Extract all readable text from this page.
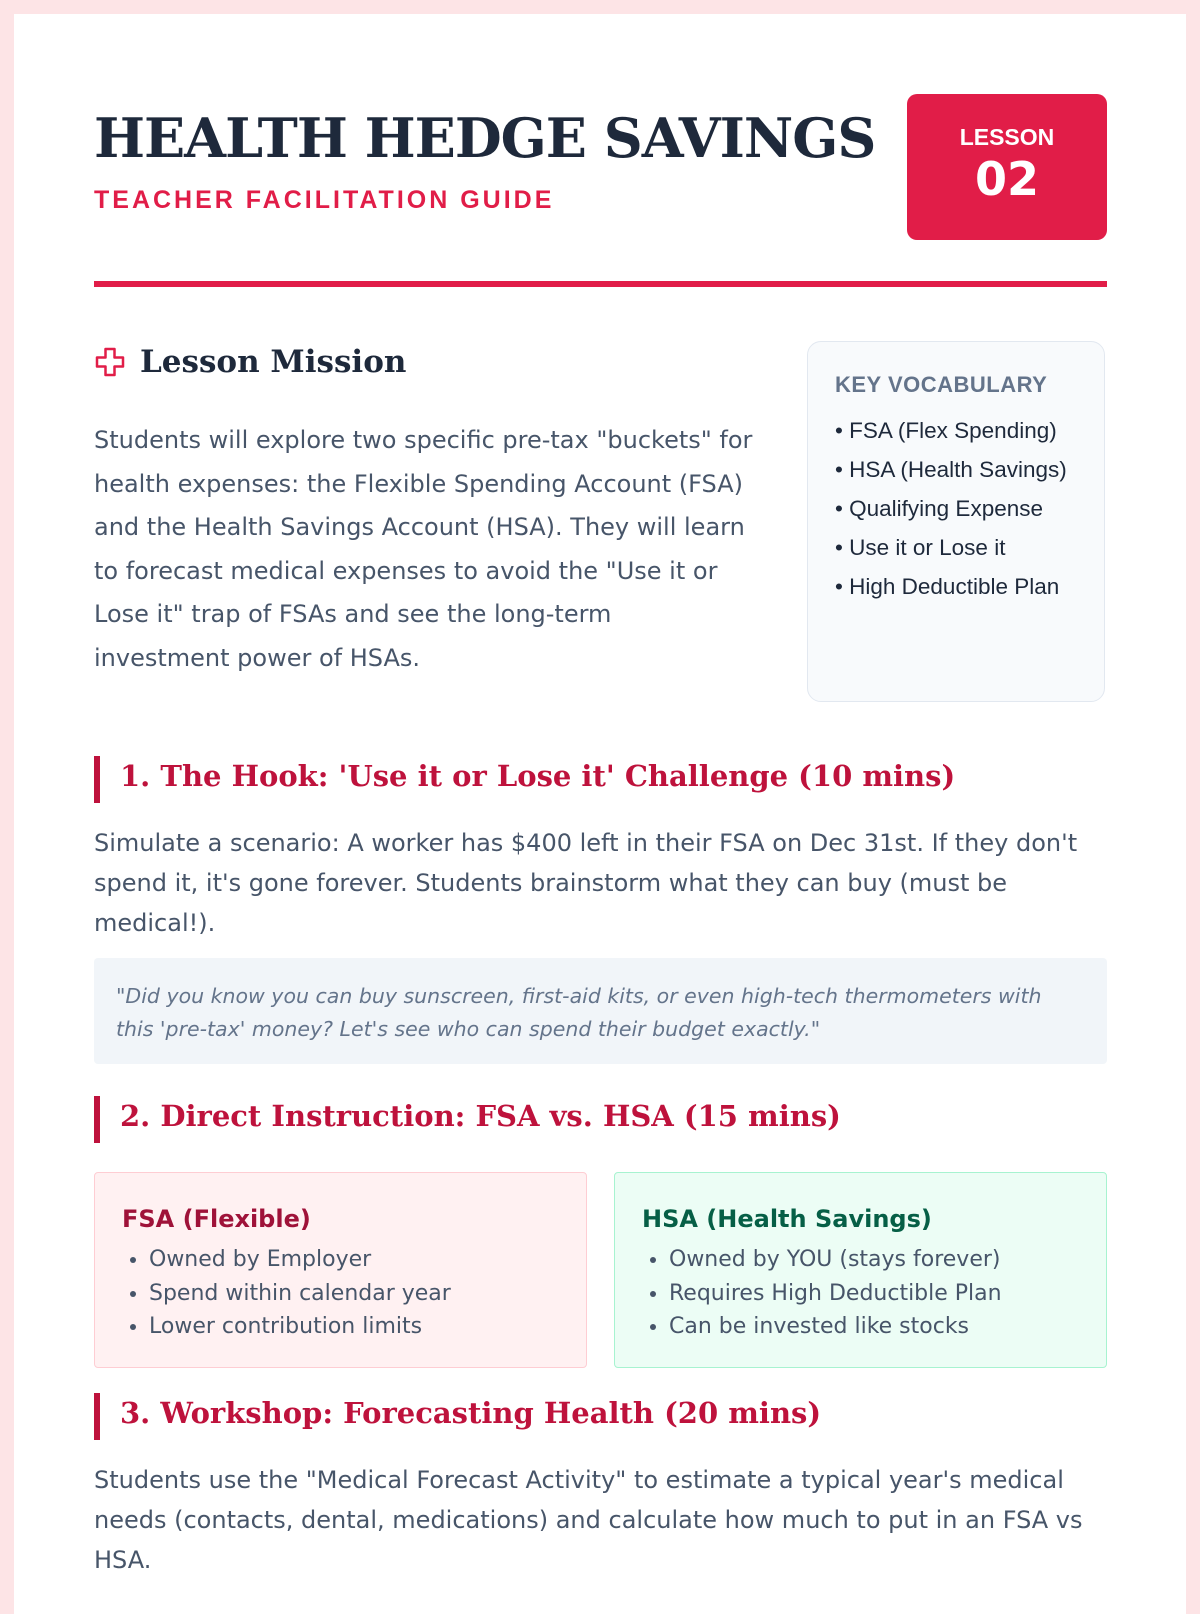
HEALTH HEDGE SAVINGS
TEACHER FACILITATION GUIDE
LESSON
02
Lesson Mission
Students will explore two specific pre-tax "buckets" for health expenses: the Flexible Spending Account (FSA) and the Health Savings Account (HSA). They will learn to forecast medical expenses to avoid the "Use it or Lose it" trap of FSAs and see the long-term investment power of HSAs.
KEY VOCABULARY
• FSA (Flex Spending)
• HSA (Health Savings)
• Qualifying Expense
• Use it or Lose it
• High Deductible Plan
1. The Hook: 'Use it or Lose it' Challenge (10 mins)
Simulate a scenario: A worker has $400 left in their FSA on Dec 31st. If they don't spend it, it's gone forever. Students brainstorm what they can buy (must be medical!).
"Did you know you can buy sunscreen, first-aid kits, or even high-tech thermometers with this 'pre-tax' money? Let's see who can spend their budget exactly."
2. Direct Instruction: FSA vs. HSA (15 mins)
FSA (Flexible)
• Owned by Employer
• Spend within calendar year
• Lower contribution limits
HSA (Health Savings)
• Owned by YOU (stays forever)
• Requires High Deductible Plan
• Can be invested like stocks
3. Workshop: Forecasting Health (20 mins)
Students use the "Medical Forecast Activity" to estimate a typical year's medical needs (contacts, dental, medications) and calculate how much to put in an FSA vs HSA.
